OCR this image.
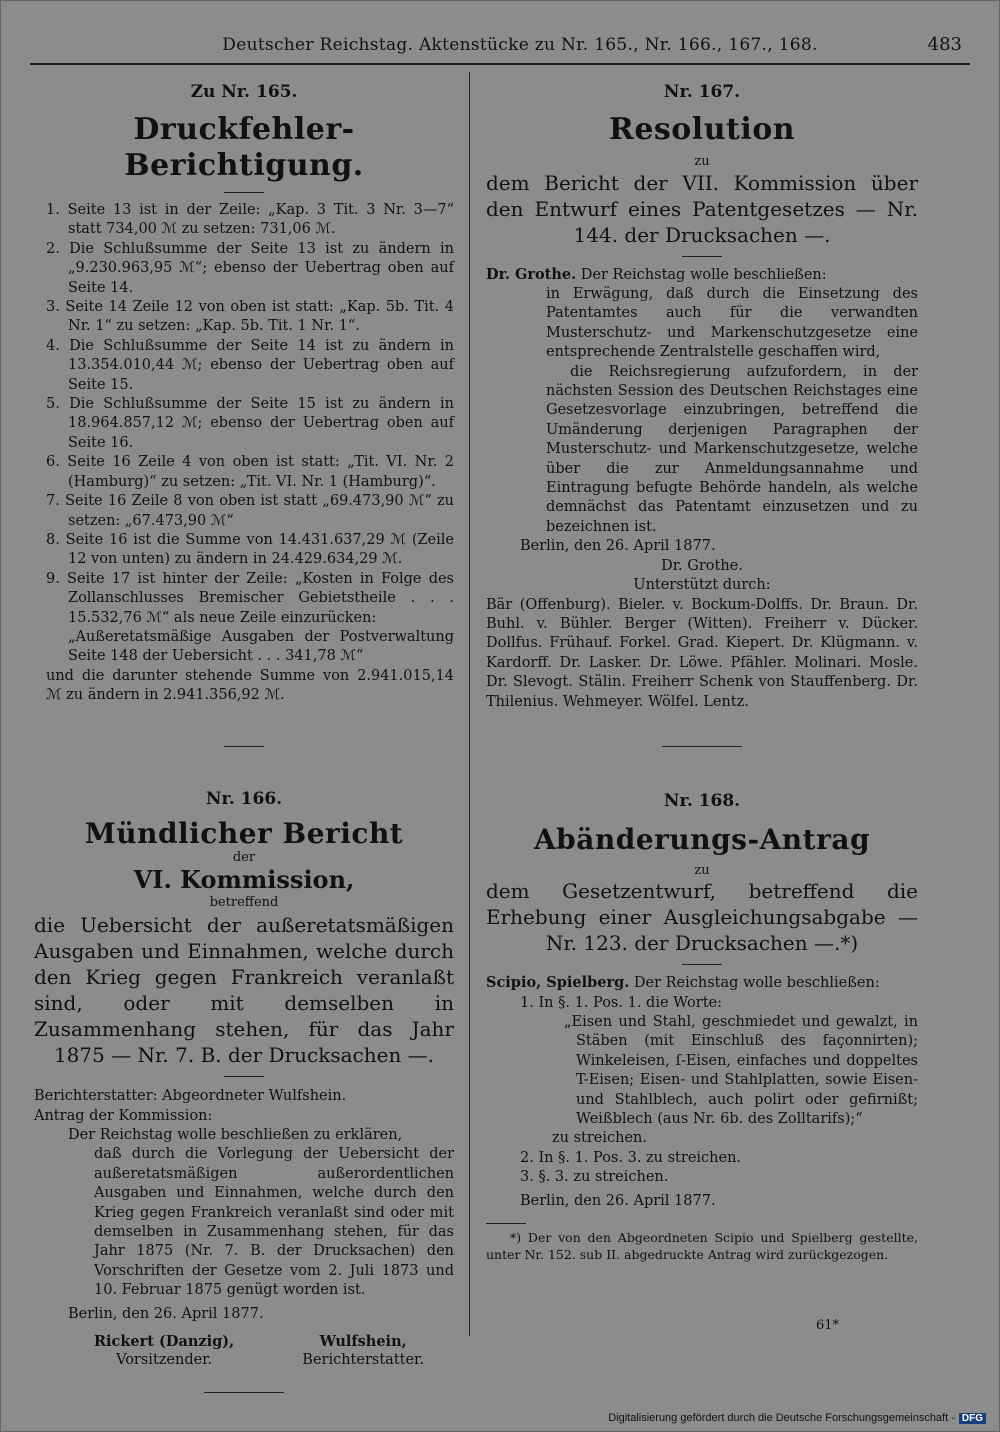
Deutscher Reichstag. Aktenstücke zu Nr. 165., Nr. 166., 167., 168.	483

Zu Nr. 165.

Druckfehler-Berichtigung.

1. Seite 13 ist in der Zeile: „Kap. 3 Tit. 3 Nr. 3—7“ statt 734,00 ℳ zu setzen: 731,06 ℳ.
2. Die Schlußsumme der Seite 13 ist zu ändern in „9.230.963,95 ℳ“; ebenso der Uebertrag oben auf Seite 14.
3. Seite 14 Zeile 12 von oben ist statt: „Kap. 5b. Tit. 4 Nr. 1“ zu setzen: „Kap. 5b. Tit. 1 Nr. 1“.
4. Die Schlußsumme der Seite 14 ist zu ändern in 13.354.010,44 ℳ; ebenso der Uebertrag oben auf Seite 15.
5. Die Schlußsumme der Seite 15 ist zu ändern in 18.964.857,12 ℳ; ebenso der Uebertrag oben auf Seite 16.
6. Seite 16 Zeile 4 von oben ist statt: „Tit. VI. Nr. 2 (Hamburg)“ zu setzen: „Tit. VI. Nr. 1 (Hamburg)“.
7. Seite 16 Zeile 8 von oben ist statt „69.473,90 ℳ“ zu setzen: „67.473,90 ℳ“
8. Seite 16 ist die Summe von 14.431.637,29 ℳ (Zeile 12 von unten) zu ändern in 24.429.634,29 ℳ.
9. Seite 17 ist hinter der Zeile: „Kosten in Folge des Zollanschlusses Bremischer Gebietstheile . . . 15.532,76 ℳ“ als neue Zeile einzurücken:

„Außeretatsmäßige Ausgaben der Postverwaltung Seite 148 der Uebersicht . . . 341,78 ℳ“

und die darunter stehende Summe von 2.941.015,14 ℳ zu ändern in 2.941.356,92 ℳ.

Nr. 166.

Mündlicher Bericht

der

VI. Kommission,

betreffend

die Uebersicht der außeretatsmäßigen Ausgaben und Einnahmen, welche durch den Krieg gegen Frankreich veranlaßt sind, oder mit demselben in Zusammenhang stehen, für das Jahr 1875 — Nr. 7. B. der Drucksachen —.

Berichterstatter: Abgeordneter Wulfshein.

Antrag der Kommission:

Der Reichstag wolle beschließen zu erklären,

daß durch die Vorlegung der Uebersicht der außeretatsmäßigen außerordentlichen Ausgaben und Einnahmen, welche durch den Krieg gegen Frankreich veranlaßt sind oder mit demselben in Zusammenhang stehen, für das Jahr 1875 (Nr. 7. B. der Drucksachen) den Vorschriften der Gesetze vom 2. Juli 1873 und 10. Februar 1875 genügt worden ist.

Berlin, den 26. April 1877.

Rickert (Danzig),
Vorsitzender.
Wulfshein,
Berichterstatter.

Nr. 167.

Resolution

zu

dem Bericht der VII. Kommission über den Entwurf eines Patentgesetzes — Nr. 144. der Drucksachen —.

Dr. Grothe. Der Reichstag wolle beschließen:

in Erwägung, daß durch die Einsetzung des Patentamtes auch für die verwandten Musterschutz- und Markenschutzgesetze eine entsprechende Zentralstelle geschaffen wird,

die Reichsregierung aufzufordern, in der nächsten Session des Deutschen Reichstages eine Gesetzesvorlage einzubringen, betreffend die Umänderung derjenigen Paragraphen der Musterschutz- und Markenschutzgesetze, welche über die zur Anmeldungsannahme und Eintragung befugte Behörde handeln, als welche demnächst das Patentamt einzusetzen und zu bezeichnen ist.

Berlin, den 26. April 1877.

Dr. Grothe.

Unterstützt durch:

Bär (Offenburg). Bieler. v. Bockum-Dolffs. Dr. Braun. Dr. Buhl. v. Bühler. Berger (Witten). Freiherr v. Dücker. Dollfus. Frühauf. Forkel. Grad. Kiepert. Dr. Klügmann. v. Kardorff. Dr. Lasker. Dr. Löwe. Pfähler. Molinari. Mosle. Dr. Slevogt. Stälin. Freiherr Schenk von Stauffenberg. Dr. Thilenius. Wehmeyer. Wölfel. Lentz.

Nr. 168.

Abänderungs-Antrag

zu

dem Gesetzentwurf, betreffend die Erhebung einer Ausgleichungsabgabe — Nr. 123. der Drucksachen —.*)

Scipio, Spielberg. Der Reichstag wolle beschließen:

1. In §. 1. Pos. 1. die Worte:

„Eisen und Stahl, geschmiedet und gewalzt, in Stäben (mit Einschluß des façonnirten); Winkeleisen, ſ-Eisen, einfaches und doppeltes T-Eisen; Eisen- und Stahlplatten, sowie Eisen- und Stahlblech, auch polirt oder gefirnißt; Weißblech (aus Nr. 6b. des Zolltarifs);“

zu streichen.

2. In §. 1. Pos. 3. zu streichen.

3. §. 3. zu streichen.

Berlin, den 26. April 1877.

*) Der von den Abgeordneten Scipio und Spielberg gestellte, unter Nr. 152. sub II. abgedruckte Antrag wird zurückgezogen.

61*
Digitalisierung gefördert durch die Deutsche Forschungsgemeinschaft - DFG
